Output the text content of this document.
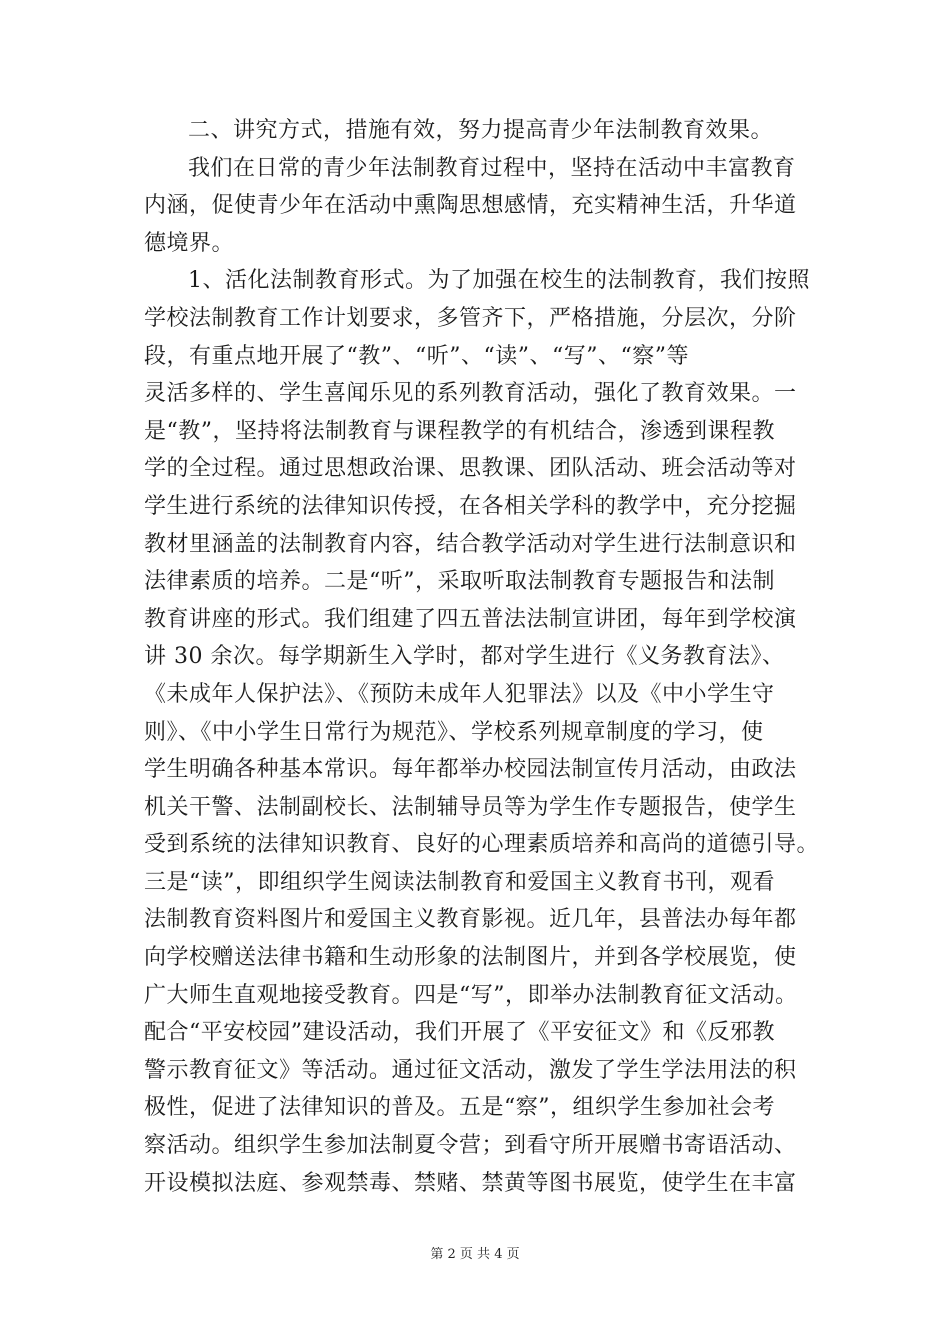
二、讲究方式，措施有效，努力提高青少年法制教育效果。
我们在日常的青少年法制教育过程中，坚持在活动中丰富教育
内涵，促使青少年在活动中熏陶思想感情，充实精神生活，升华道
德境界。
1、活化法制教育形式。为了加强在校生的法制教育，我们按照
学校法制教育工作计划要求，多管齐下，严格措施，分层次，分阶
段，有重点地开展了“教”、“听”、“读”、“写”、“察”等
灵活多样的、学生喜闻乐见的系列教育活动，强化了教育效果。一
是“教”，坚持将法制教育与课程教学的有机结合，渗透到课程教
学的全过程。通过思想政治课、思教课、团队活动、班会活动等对
学生进行系统的法律知识传授，在各相关学科的教学中，充分挖掘
教材里涵盖的法制教育内容，结合教学活动对学生进行法制意识和
法律素质的培养。二是“听”，采取听取法制教育专题报告和法制
教育讲座的形式。我们组建了四五普法法制宣讲团，每年到学校演
讲 30 余次。每学期新生入学时，都对学生进行《义务教育法》、
《未成年人保护法》、《预防未成年人犯罪法》以及《中小学生守
则》、《中小学生日常行为规范》、学校系列规章制度的学习，使
学生明确各种基本常识。每年都举办校园法制宣传月活动，由政法
机关干警、法制副校长、法制辅导员等为学生作专题报告，使学生
受到系统的法律知识教育、良好的心理素质培养和高尚的道德引导。
三是“读”，即组织学生阅读法制教育和爱国主义教育书刊，观看
法制教育资料图片和爱国主义教育影视。近几年，县普法办每年都
向学校赠送法律书籍和生动形象的法制图片，并到各学校展览，使
广大师生直观地接受教育。四是“写”，即举办法制教育征文活动。
配合“平安校园”建设活动，我们开展了《平安征文》和《反邪教
警示教育征文》等活动。通过征文活动，激发了学生学法用法的积
极性，促进了法律知识的普及。五是“察”，组织学生参加社会考
察活动。组织学生参加法制夏令营；到看守所开展赠书寄语活动、
开设模拟法庭、参观禁毒、禁赌、禁黄等图书展览，使学生在丰富
第 2 页 共 4 页
